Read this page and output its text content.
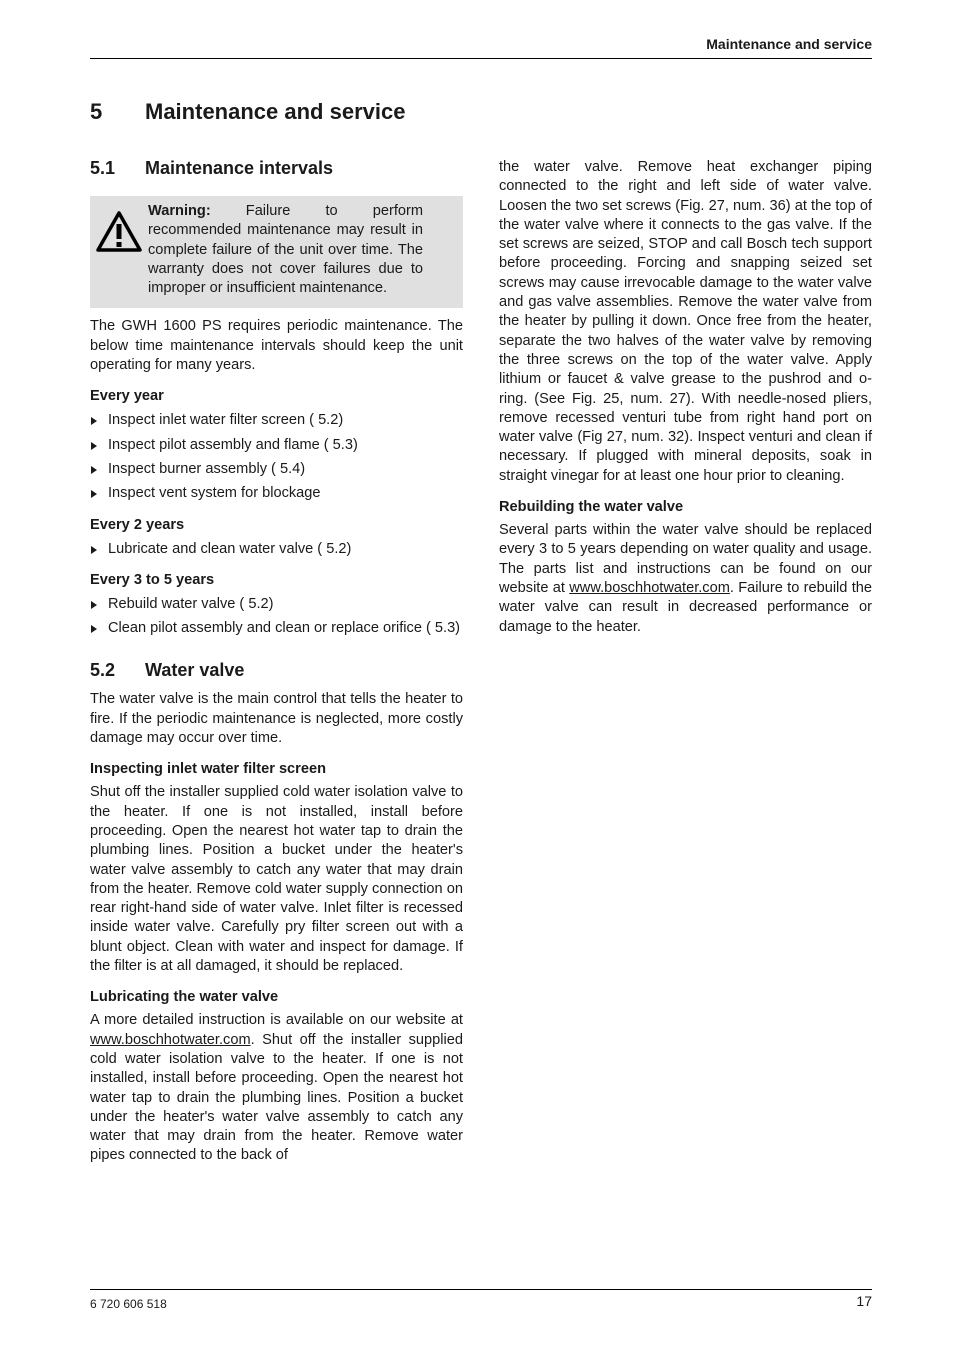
Maintenance and service
5 Maintenance and service
5.1 Maintenance intervals
Warning: Failure to perform recommended maintenance may result in complete failure of the unit over time. The warranty does not cover failures due to improper or insufficient maintenance.

The GWH 1600 PS requires periodic maintenance. The below time maintenance intervals should keep the unit operating for many years.

Every year
Inspect inlet water filter screen ( 5.2)
Inspect pilot assembly and flame ( 5.3)
Inspect burner assembly ( 5.4)
Inspect vent system for blockage
Every 2 years
Lubricate and clean water valve ( 5.2)
Every 3 to 5 years
Rebuild water valve ( 5.2)
Clean pilot assembly and clean or replace orifice ( 5.3)
5.2 Water valve

The water valve is the main control that tells the heater to fire. If the periodic maintenance is neglected, more costly damage may occur over time.

Inspecting inlet water filter screen

Shut off the installer supplied cold water isolation valve to the heater. If one is not installed, install before proceeding. Open the nearest hot water tap to drain the plumbing lines. Position a bucket under the heater's water valve assembly to catch any water that may drain from the heater. Remove cold water supply connection on rear right-hand side of water valve. Inlet filter is recessed inside water valve. Carefully pry filter screen out with a blunt object. Clean with water and inspect for damage. If the filter is at all damaged, it should be replaced.

Lubricating the water valve

A more detailed instruction is available on our website at www.boschhotwater.com. Shut off the installer supplied cold water isolation valve to the heater. If one is not installed, install before proceeding. Open the nearest hot water tap to drain the plumbing lines. Position a bucket under the heater's water valve assembly to catch any water that may drain from the heater. Remove water pipes connected to the back of

the water valve. Remove heat exchanger piping connected to the right and left side of water valve. Loosen the two set screws (Fig. 27, num. 36) at the top of the water valve where it connects to the gas valve. If the set screws are seized, STOP and call Bosch tech support before proceeding. Forcing and snapping seized set screws may cause irrevocable damage to the water valve and gas valve assemblies. Remove the water valve from the heater by pulling it down. Once free from the heater, separate the two halves of the water valve by removing the three screws on the top of the water valve. Apply lithium or faucet & valve grease to the pushrod and o-ring. (See Fig. 25, num. 27). With needle-nosed pliers, remove recessed venturi tube from right hand port on water valve (Fig 27, num. 32). Inspect venturi and clean if necessary. If plugged with mineral deposits, soak in straight vinegar for at least one hour prior to cleaning.

Rebuilding the water valve

Several parts within the water valve should be replaced every 3 to 5 years depending on water quality and usage. The parts list and instructions can be found on our website at www.boschhotwater.com. Failure to rebuild the water valve can result in decreased performance or damage to the heater.

6 720 606 518	17
